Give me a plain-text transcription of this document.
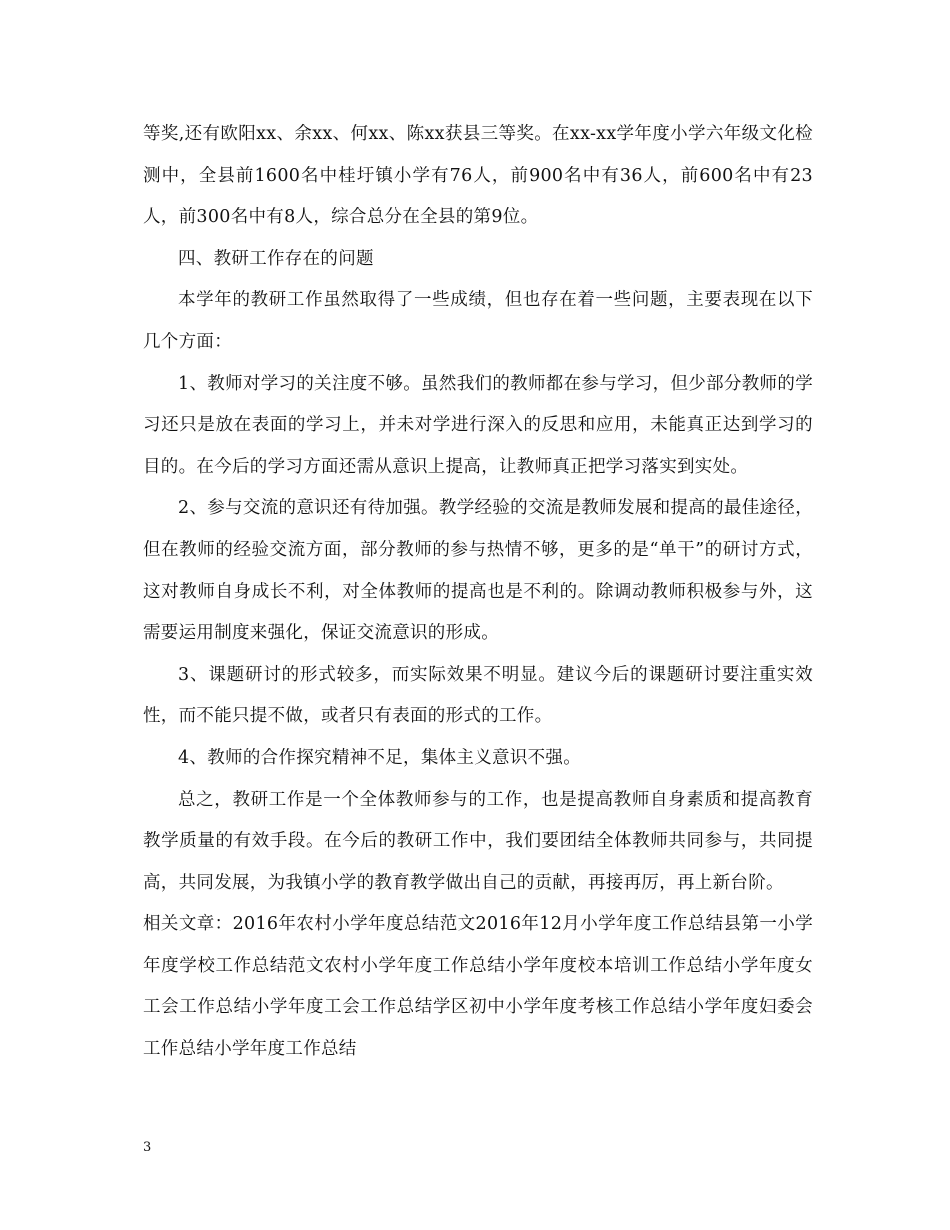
等奖,还有欧阳xx、余xx、何xx、陈xx获县三等奖。在xx-xx学年度小学六年级文化检测中，全县前1600名中桂圩镇小学有76人，前900名中有36人，前600名中有23人，前300名中有8人，综合总分在全县的第9位。

四、教研工作存在的问题

本学年的教研工作虽然取得了一些成绩，但也存在着一些问题，主要表现在以下几个方面：

1、教师对学习的关注度不够。虽然我们的教师都在参与学习，但少部分教师的学习还只是放在表面的学习上，并未对学进行深入的反思和应用，未能真正达到学习的目的。在今后的学习方面还需从意识上提高，让教师真正把学习落实到实处。

2、参与交流的意识还有待加强。教学经验的交流是教师发展和提高的最佳途径，但在教师的经验交流方面，部分教师的参与热情不够，更多的是“单干”的研讨方式，这对教师自身成长不利，对全体教师的提高也是不利的。除调动教师积极参与外，这需要运用制度来强化，保证交流意识的形成。

3、课题研讨的形式较多，而实际效果不明显。建议今后的课题研讨要注重实效性，而不能只提不做，或者只有表面的形式的工作。

4、教师的合作探究精神不足，集体主义意识不强。

总之，教研工作是一个全体教师参与的工作，也是提高教师自身素质和提高教育教学质量的有效手段。在今后的教研工作中，我们要团结全体教师共同参与，共同提高，共同发展，为我镇小学的教育教学做出自己的贡献，再接再厉，再上新台阶。

相关文章：2016年农村小学年度总结范文2016年12月小学年度工作总结县第一小学年度学校工作总结范文农村小学年度工作总结小学年度校本培训工作总结小学年度女工会工作总结小学年度工会工作总结学区初中小学年度考核工作总结小学年度妇委会工作总结小学年度工作总结

3
